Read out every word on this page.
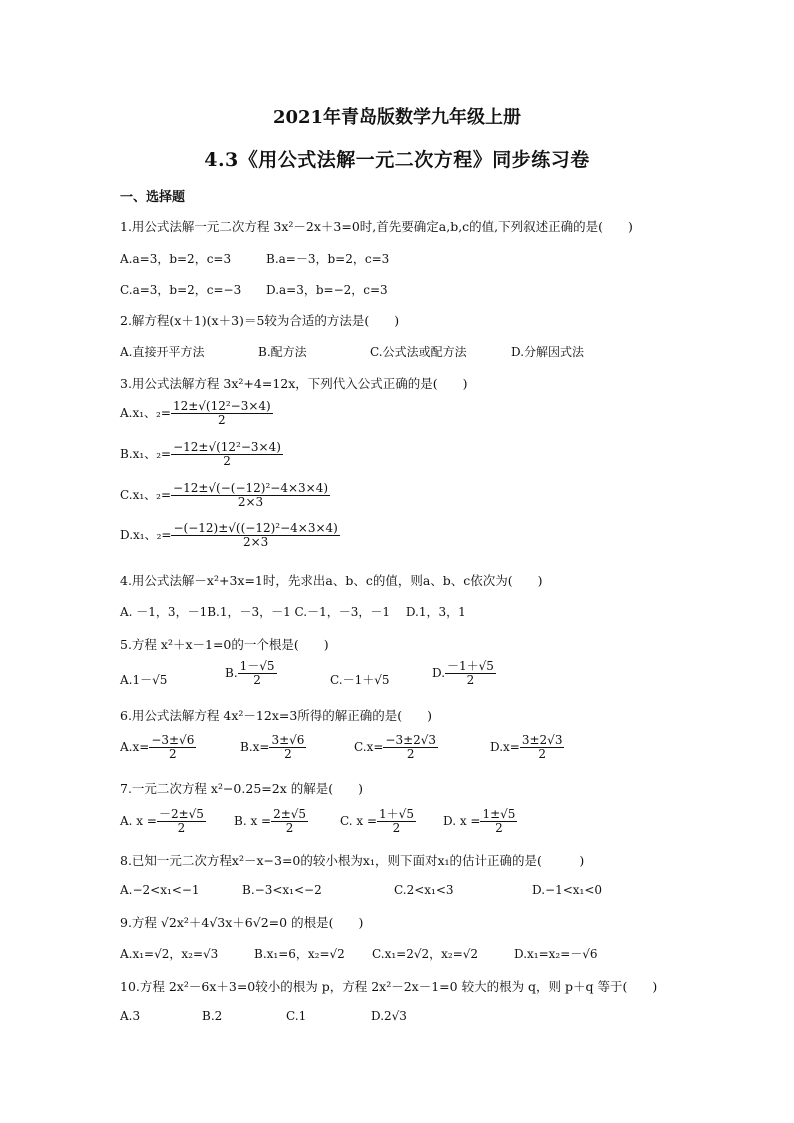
2021年青岛版数学九年级上册
4.3《用公式法解一元二次方程》同步练习卷
一、选择题
1.用公式法解一元二次方程 3x²－2x＋3=0时,首先要确定a,b,c的值,下列叙述正确的是(　　)
A.a=3，b=2，c=3	B.a=－3，b=2，c=3
C.a=3，b=2，c=−3 D.a=3，b=−2，c=3
2.解方程(x＋1)(x＋3)＝5较为合适的方法是(　　)
A.直接开平方法	B.配方法	C.公式法或配方法	D.分解因式法
3.用公式法解方程 3x²+4=12x，下列代入公式正确的是(　　)
A.x₁、$_2= \frac{\text{12±√(12²−3×4)}}{2}$
B.x₁、$_2= \frac{\text{−12±√(12²−3×4)}}{2}$
C.x₁、$_2= \frac{\text{−12±√(−(−12)²−4×3×4)}}{2\times 3}$
D.x₁、$_2= \frac{\text{−(−12)±√((−12)²−4×3×4)}}{2\times 3}$
4.用公式法解－x²+3x=1时，先求出a、b、c的值，则a、b、c依次为(　　)
A. －1，3，－1B.1，－3，－1 C.－1，－3，－1　 D.1，3，1
5.方程 x²＋x－1=0的一个根是(　　)
A.1－√5	B. $\frac{1-√5}{2}$	C.－1＋√5	D. $\frac{-1+√5}{2}$
6.用公式法解方程 4x²－12x=3所得的解正确的是(　　)
$A.x= \frac{-3\pm√6}{2}$	$B.x= \frac{3\pm√6}{2}$	$C.x= \frac{-3\pm 2√3}{2}$	$D.x= \frac{3\pm 2√3}{2}$
7.一元二次方程 x²−0.25=2x 的解是(　　)
A. $x = \frac{-2\pm√5}{2} B$. $x = \frac{2\pm√5}{2}$	C. $x = \frac{1+√5}{2} D$. $x = \frac{1\pm√5}{2}$
8.已知一元二次方程x²－x−3=0的较小根为x₁，则下面对x₁的估计正确的是(　　　)
A.−2<x₁<−1	B.−3<x₁<−2	C.2<x₁<3	D.−1<x₁<0
9.方程 √2x²＋4√3x＋6√2=0 的根是(　　)
A.x₁=√2，x₂=√3	B.x₁=6，x₂=√2 C.x₁=2√2，x₂=√2	D.x₁=x₂=－√6
10.方程 2x²－6x＋3=0较小的根为 p，方程 2x²－2x－1=0 较大的根为 q，则 p＋q 等于(　　)
A.3	B.2	C.1	D.2√3
